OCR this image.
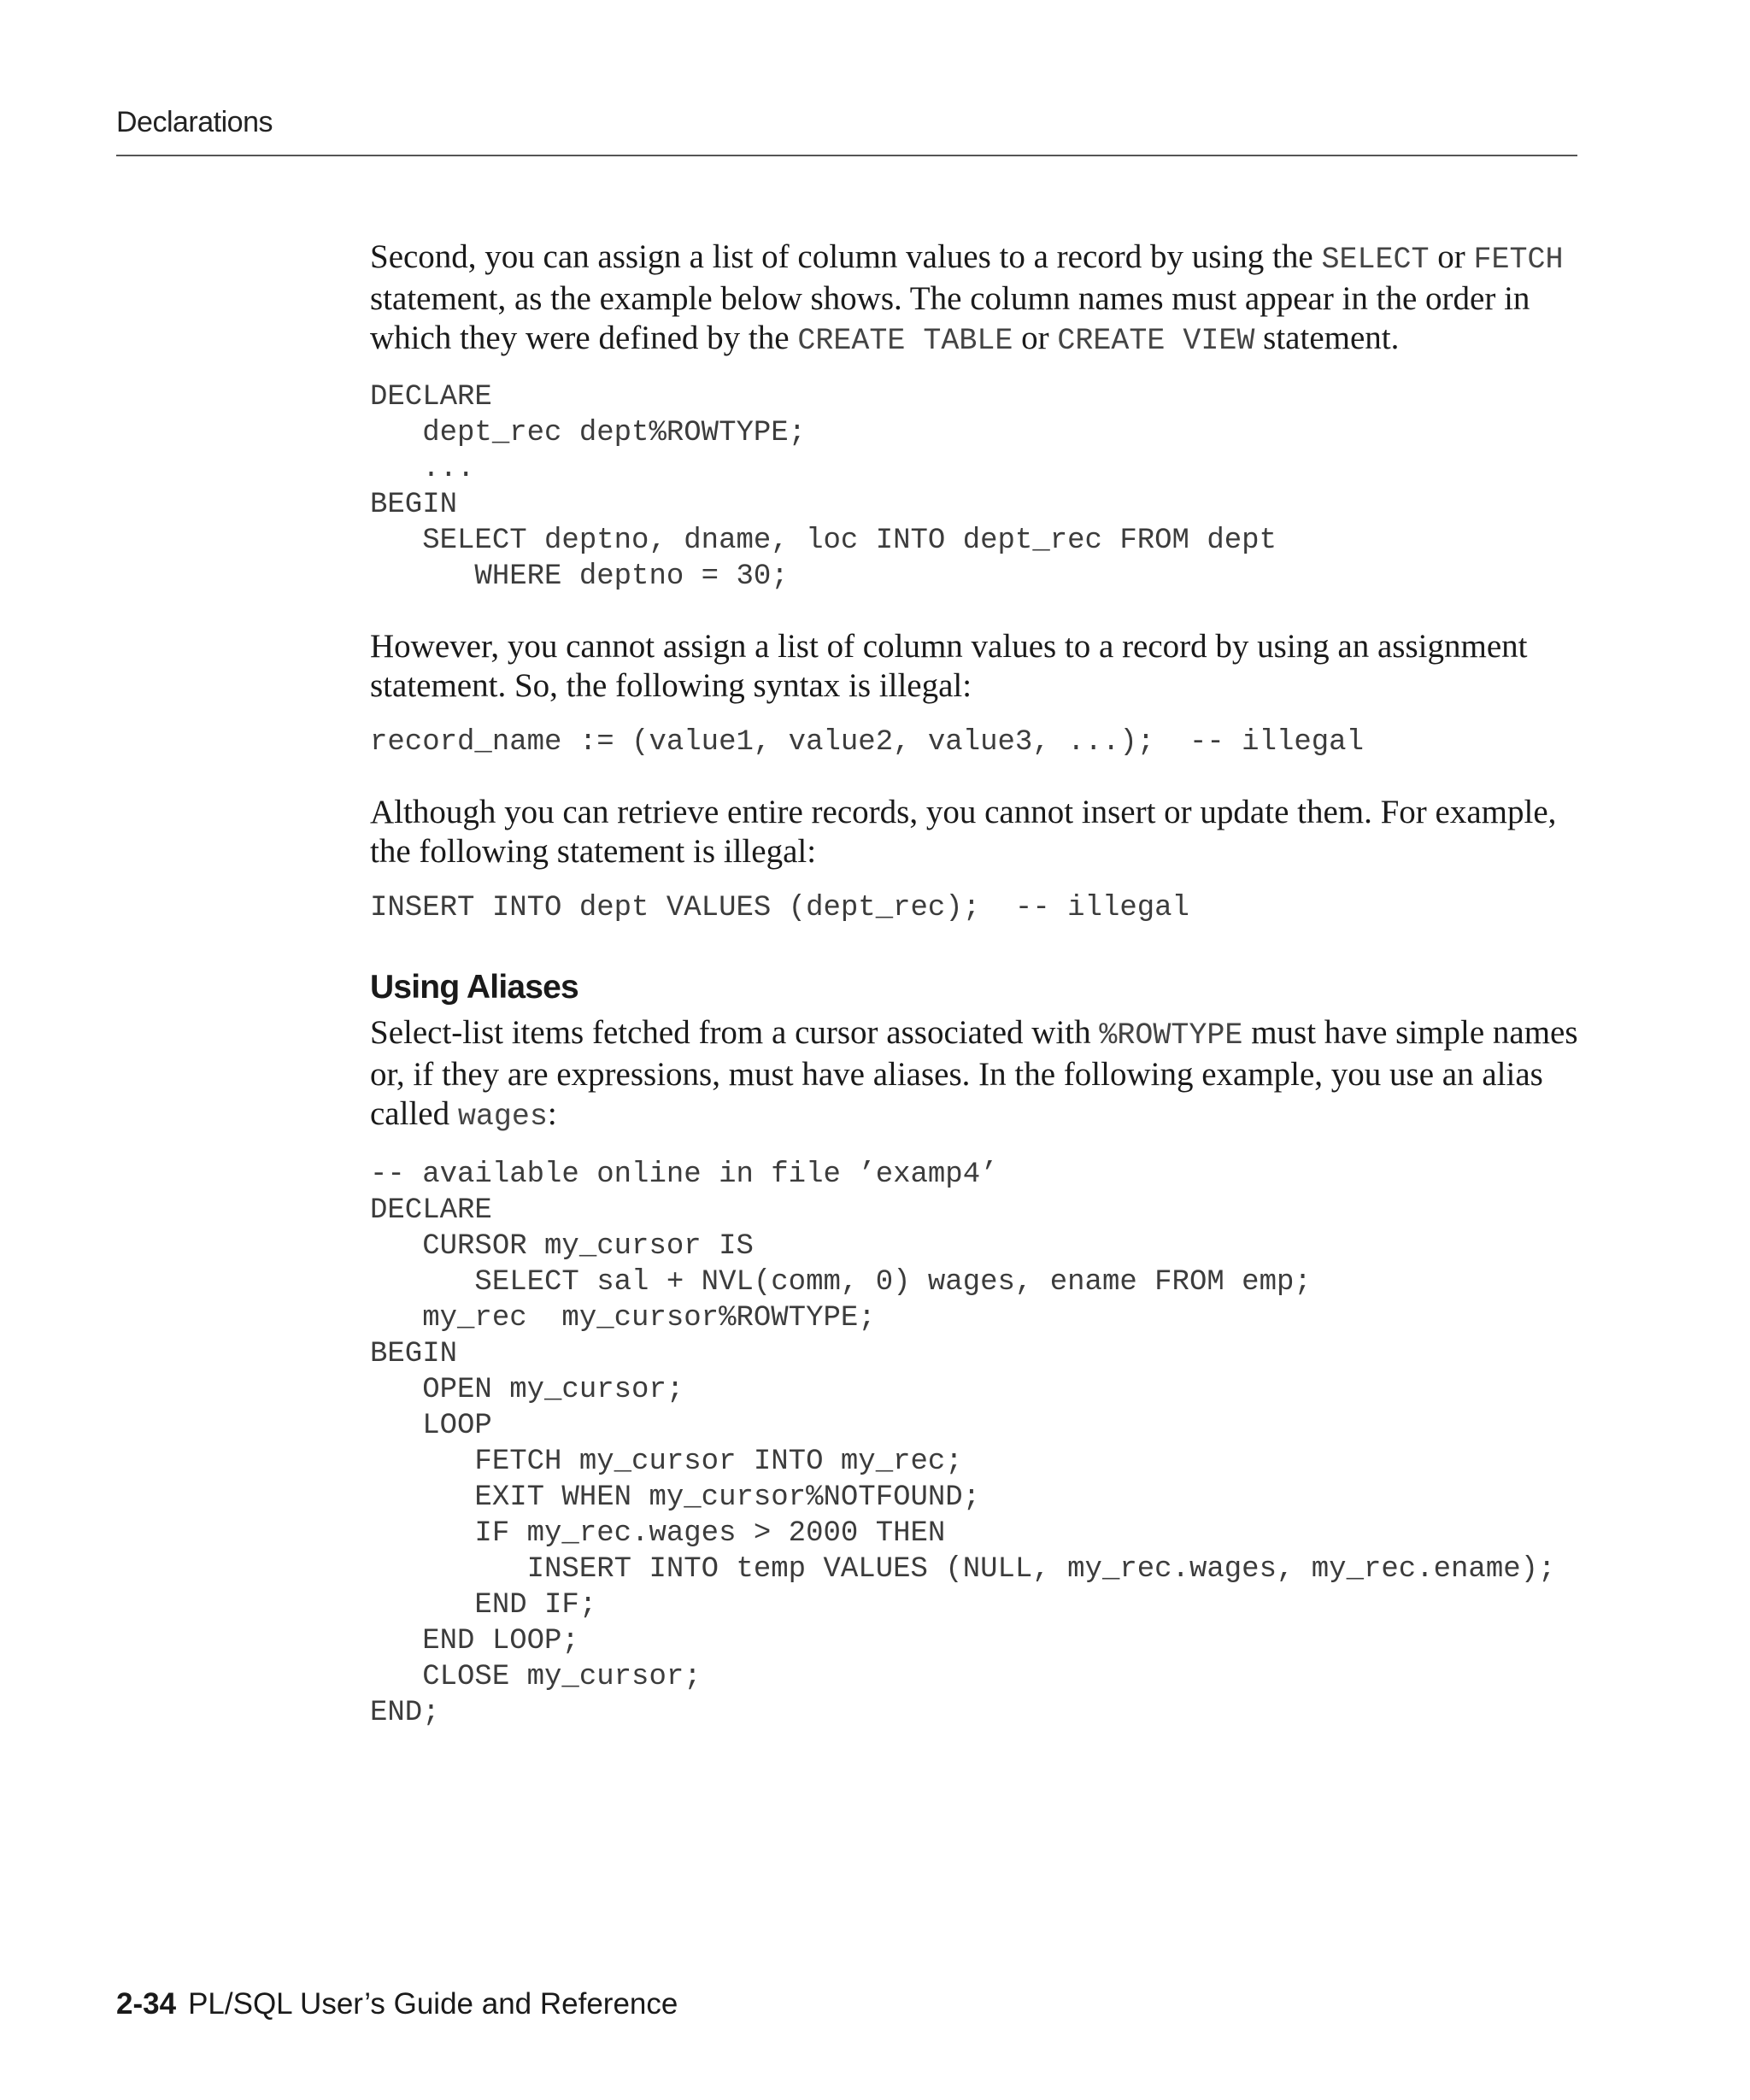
Declarations

Second, you can assign a list of column values to a record by using the SELECT or FETCH statement, as the example below shows. The column names must appear in the order in which they were defined by the CREATE TABLE or CREATE VIEW statement.

DECLARE
dept_rec dept%ROWTYPE;
...
BEGIN
SELECT deptno, dname, loc INTO dept_rec FROM dept
WHERE deptno = 30;

However, you cannot assign a list of column values to a record by using an assignment statement. So, the following syntax is illegal:

record_name := (value1, value2, value3, ...);  -- illegal

Although you can retrieve entire records, you cannot insert or update them. For example, the following statement is illegal:

INSERT INTO dept VALUES (dept_rec);  -- illegal
Using Aliases

Select-list items fetched from a cursor associated with %ROWTYPE must have simple names or, if they are expressions, must have aliases. In the following example, you use an alias called wages:

-- available online in file ’examp4’
DECLARE
CURSOR my_cursor IS
SELECT sal + NVL(comm, 0) wages, ename FROM emp;
my_rec  my_cursor%ROWTYPE;
BEGIN
OPEN my_cursor;
LOOP
FETCH my_cursor INTO my_rec;
EXIT WHEN my_cursor%NOTFOUND;
IF my_rec.wages > 2000 THEN
INSERT INTO temp VALUES (NULL, my_rec.wages, my_rec.ename);
END IF;
END LOOP;
CLOSE my_cursor;
END;
2-34 PL/SQL User’s Guide and Reference
